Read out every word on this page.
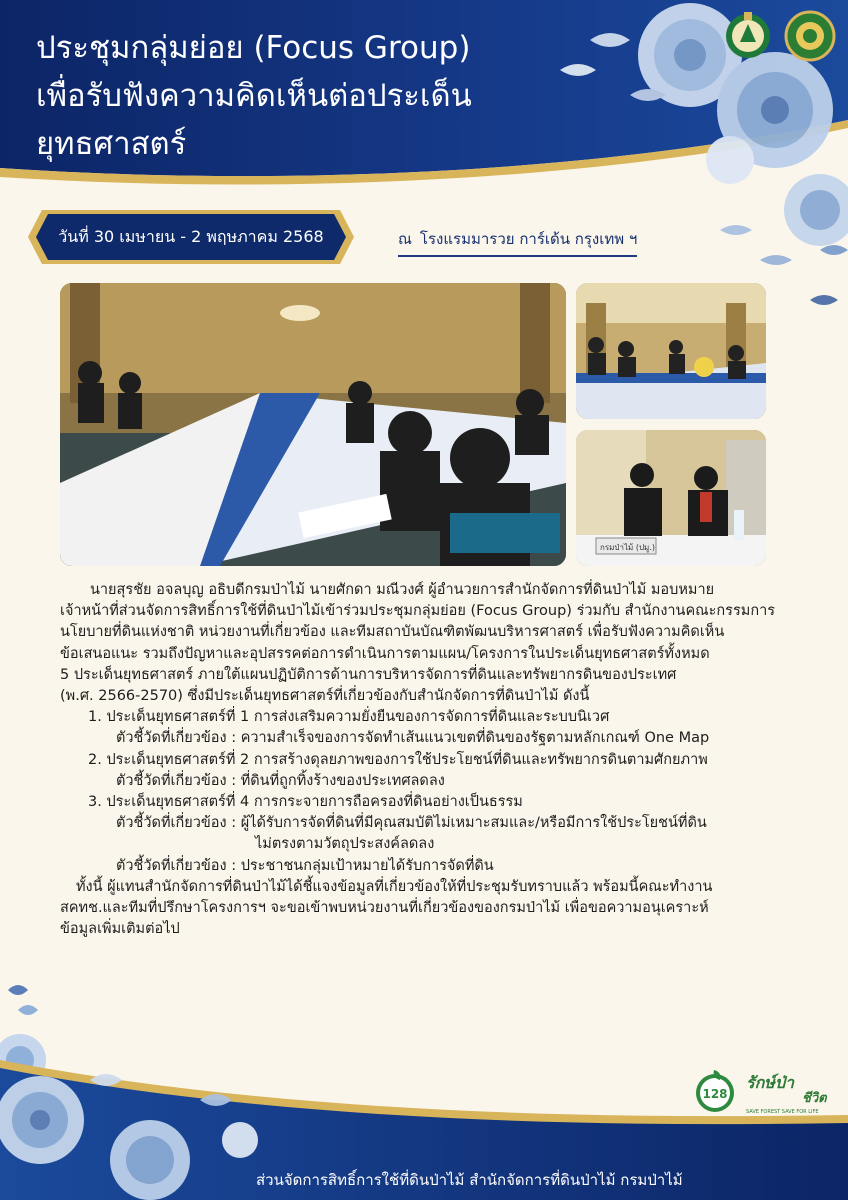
ประชุมกลุ่มย่อย (Focus Group)
เพื่อรับฟังความคิดเห็นต่อประเด็น
ยุทธศาสตร์
วันที่ 30 เมษายน - 2 พฤษภาคม 2568	ณ โรงแรมมารวย การ์เด้น กรุงเทพ ฯ
กรมป่าไม้ (ปมู.)
นายสุรชัย อจลบุญ อธิบดีกรมป่าไม้ นายศักดา มณีวงศ์ ผู้อำนวยการสำนักจัดการที่ดินป่าไม้ มอบหมาย
เจ้าหน้าที่ส่วนจัดการสิทธิ์การใช้ที่ดินป่าไม้เข้าร่วมประชุมกลุ่มย่อย (Focus Group) ร่วมกับ สำนักงานคณะกรรมการ
นโยบายที่ดินแห่งชาติ หน่วยงานที่เกี่ยวข้อง และทีมสถาบันบัณฑิตพัฒนบริหารศาสตร์ เพื่อรับฟังความคิดเห็น
ข้อเสนอแนะ รวมถึงปัญหาและอุปสรรคต่อการดำเนินการตามแผน/โครงการในประเด็นยุทธศาสตร์ทั้งหมด
5 ประเด็นยุทธศาสตร์ ภายใต้แผนปฏิบัติการด้านการบริหารจัดการที่ดินและทรัพยากรดินของประเทศ
(พ.ศ. 2566-2570) ซึ่งมีประเด็นยุทธศาสตร์ที่เกี่ยวข้องกับสำนักจัดการที่ดินป่าไม้ ดังนี้
1. ประเด็นยุทธศาสตร์ที่ 1 การส่งเสริมความยั่งยืนของการจัดการที่ดินและระบบนิเวศ
ตัวชี้วัดที่เกี่ยวข้อง : ความสำเร็จของการจัดทำเส้นแนวเขตที่ดินของรัฐตามหลักเกณฑ์ One Map
2. ประเด็นยุทธศาสตร์ที่ 2 การสร้างดุลยภาพของการใช้ประโยชน์ที่ดินและทรัพยากรดินตามศักยภาพ
ตัวชี้วัดที่เกี่ยวข้อง : ที่ดินที่ถูกทิ้งร้างของประเทศลดลง
3. ประเด็นยุทธศาสตร์ที่ 4 การกระจายการถือครองที่ดินอย่างเป็นธรรม
ตัวชี้วัดที่เกี่ยวข้อง : ผู้ได้รับการจัดที่ดินที่มีคุณสมบัติไม่เหมาะสมและ/หรือมีการใช้ประโยชน์ที่ดิน
ไม่ตรงตามวัตถุประสงค์ลดลง
ตัวชี้วัดที่เกี่ยวข้อง : ประชาชนกลุ่มเป้าหมายได้รับการจัดที่ดิน
ทั้งนี้ ผู้แทนสำนักจัดการที่ดินป่าไม้ได้ชี้แจงข้อมูลที่เกี่ยวข้องให้ที่ประชุมรับทราบแล้ว พร้อมนี้คณะทำงาน
สคทช.และทีมที่ปรึกษาโครงการฯ จะขอเข้าพบหน่วยงานที่เกี่ยวข้องของกรมป่าไม้ เพื่อขอความอนุเคราะห์
ข้อมูลเพิ่มเติมต่อไป
128
รักษ์ป่า
ชีวิต
SAVE FOREST SAVE FOR LIFE
ส่วนจัดการสิทธิ์การใช้ที่ดินป่าไม้ สำนักจัดการที่ดินป่าไม้ กรมป่าไม้
